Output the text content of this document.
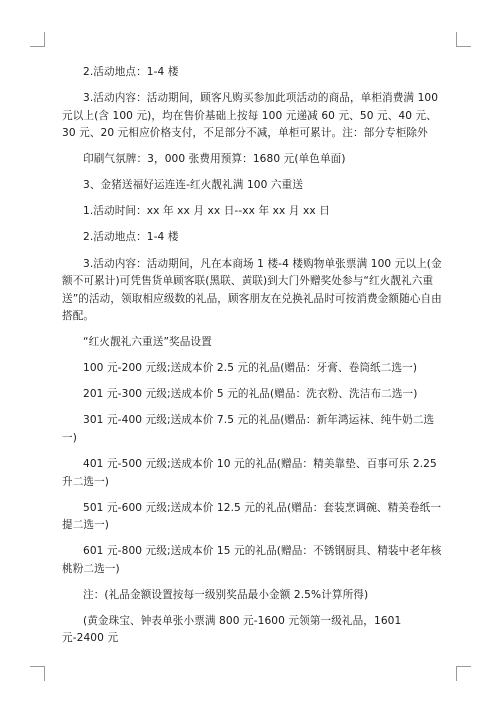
2.活动地点：1-4 楼

3.活动内容：活动期间，顾客凡购买参加此项活动的商品，单柜消费满 100 元以上(含 100 元)，均在售价基础上按每 100 元递减 60 元、50 元、40 元、30 元、20 元相应价格支付，不足部分不减，单柜可累计。注：部分专柜除外

印刷气氛牌：3，000 张费用预算：1680 元(单色单面)

3、金猪送福好运连连-红火靓礼满 100 六重送

1.活动时间：xx 年 xx 月 xx 日--xx 年 xx 月 xx 日

2.活动地点：1-4 楼

3.活动内容：活动期间，凡在本商场 1 楼-4 楼购物单张票满 100 元以上(金额不可累计)可凭售货单顾客联(黑联、黄联)到大门外赠奖处参与“红火靓礼六重送”的活动，领取相应级数的礼品，顾客朋友在兑换礼品时可按消费金额随心自由搭配。

“红火靓礼六重送”奖品设置

100 元-200 元级;送成本价 2.5 元的礼品(赠品：牙膏、卷筒纸二选一)

201 元-300 元级;送成本价 5 元的礼品(赠品：洗衣粉、洗洁布二选一)

301 元-400 元级;送成本价 7.5 元的礼品(赠品：新年鸿运袜、纯牛奶二选一)

401 元-500 元级;送成本价 10 元的礼品(赠品：精美靠垫、百事可乐 2.25 升二选一)

501 元-600 元级;送成本价 12.5 元的礼品(赠品：套装烹调碗、精美卷纸一提二选一)

601 元-800 元级;送成本价 15 元的礼品(赠品：不锈钢厨具、精装中老年核桃粉二选一)

注：(礼品金额设置按每一级别奖品最小金额 2.5%计算所得)

(黄金珠宝、钟表单张小票满 800 元-1600 元领第一级礼品，1601 元-2400 元
